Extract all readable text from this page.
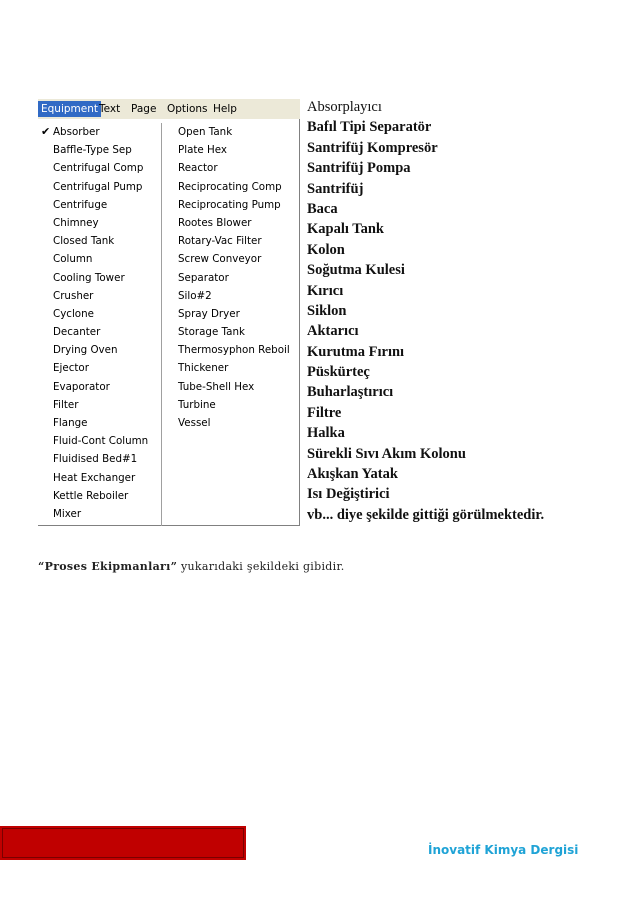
Equipment Text Page Options Help
✔ Absorber
Baffle-Type Sep
Centrifugal Comp
Centrifugal Pump
Centrifuge
Chimney
Closed Tank
Column
Cooling Tower
Crusher
Cyclone
Decanter
Drying Oven
Ejector
Evaporator
Filter
Flange
Fluid-Cont Column
Fluidised Bed#1
Heat Exchanger
Kettle Reboiler
Mixer
Open Tank
Plate Hex
Reactor
Reciprocating Comp
Reciprocating Pump
Rootes Blower
Rotary-Vac Filter
Screw Conveyor
Separator
Silo#2
Spray Dryer
Storage Tank
Thermosyphon Reboil
Thickener
Tube-Shell Hex
Turbine
Vessel
Absorplayıcı
Bafıl Tipi Separatör
Santrifüj Kompresör
Santrifüj Pompa
Santrifüj
Baca
Kapalı Tank
Kolon
Soğutma Kulesi
Kırıcı
Siklon
Aktarıcı
Kurutma Fırını
Püskürteç
Buharlaştırıcı
Filtre
Halka
Sürekli Sıvı Akım Kolonu
Akışkan Yatak
Isı Değiştirici
vb... diye şekilde gittiği görülmektedir.
“Proses Ekipmanları” yukarıdaki şekildeki gibidir.
36
İnovatif Kimya Dergisi
